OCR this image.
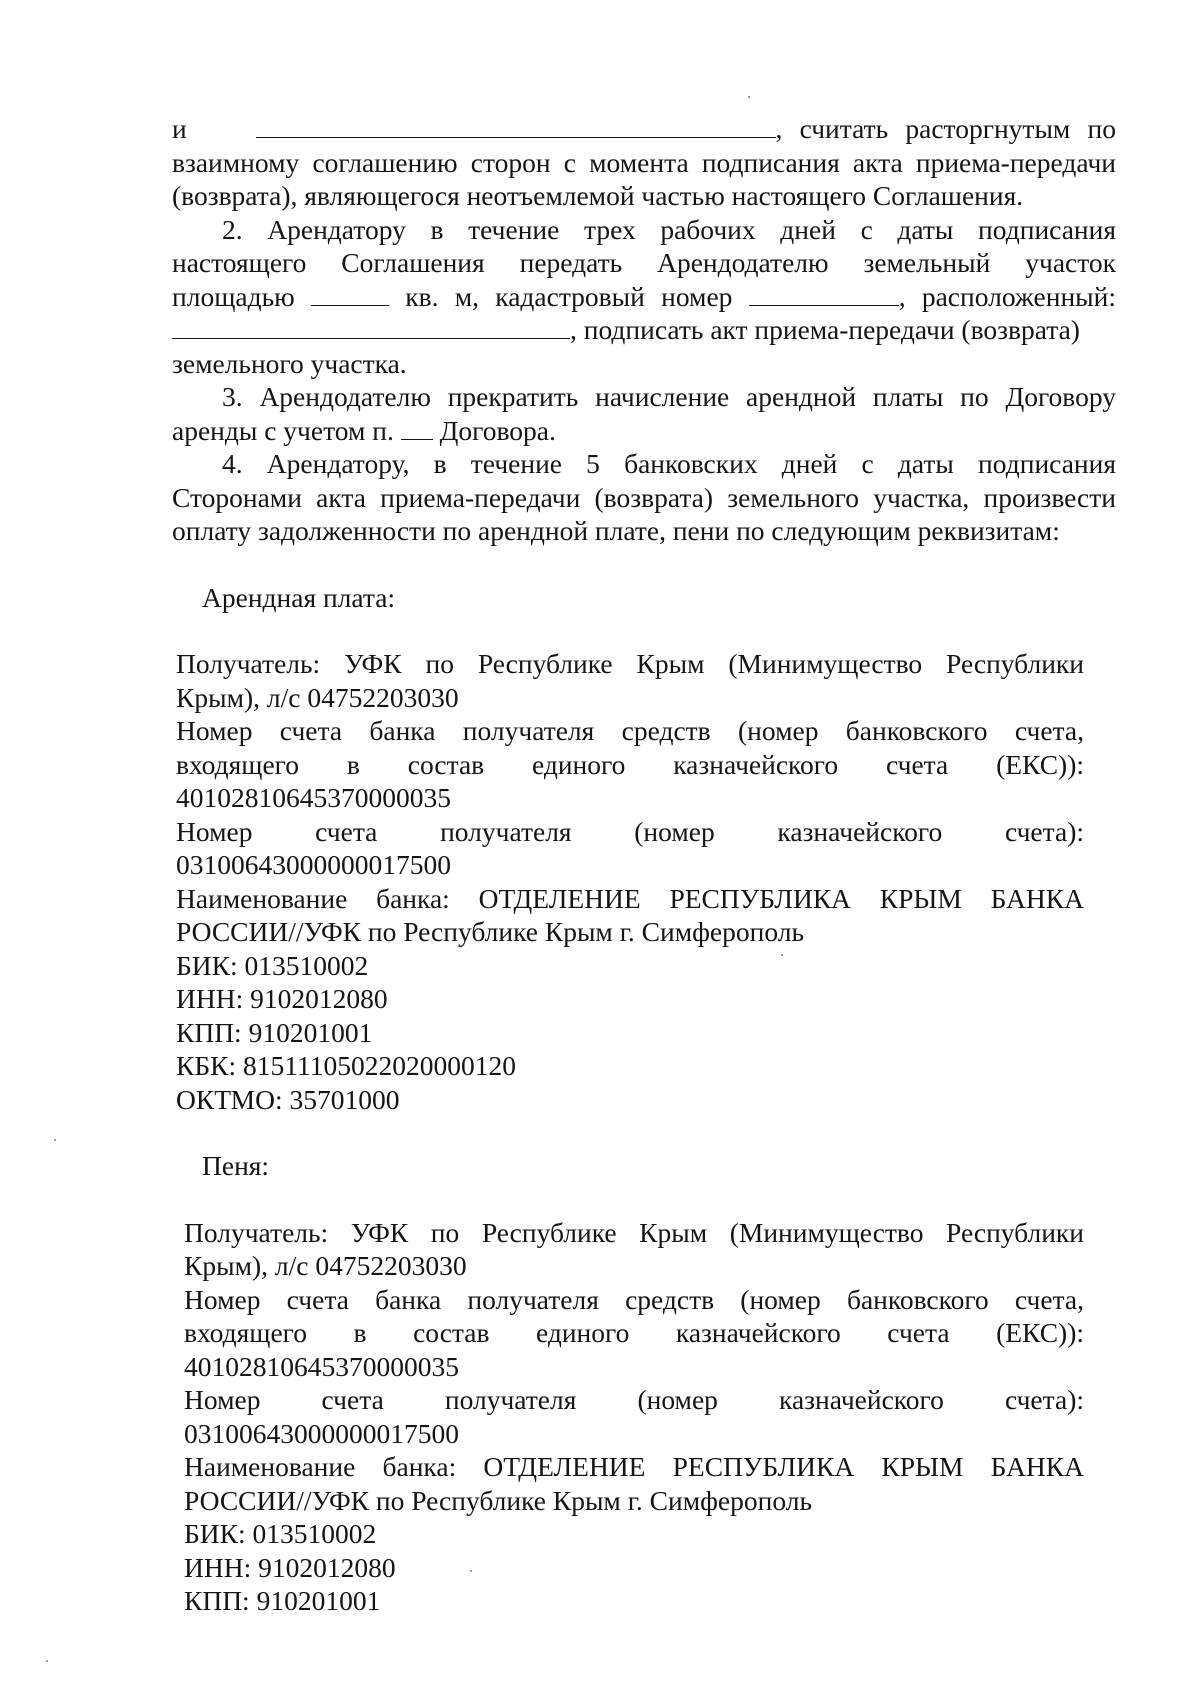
и	, считать расторгнутым по
взаимному соглашению сторон с момента подписания акта приема-передачи
(возврата), являющегося неотъемлемой частью настоящего Соглашения.
2. Арендатору в течение трех рабочих дней с даты подписания
настоящего Соглашения передать Арендодателю земельный участок
площадью	кв. м, кадастровый номер	, расположенный:
, подписать акт приема-передачи (возврата)
земельного участка.
3. Арендодателю прекратить начисление арендной платы по Договору
аренды с учетом п. Договора.
4. Арендатору, в течение 5 банковских дней с даты подписания
Сторонами акта приема-передачи (возврата) земельного участка, произвести
оплату задолженности по арендной плате, пени по следующим реквизитам:
Арендная плата:
Получатель: УФК по Республике Крым (Минимущество Республики
Крым), л/с 04752203030
Номер счета банка получателя средств (номер банковского счета,
входящего в состав единого казначейского счета (ЕКС)):
40102810645370000035
Номер счета получателя (номер казначейского счета):
03100643000000017500
Наименование банка: ОТДЕЛЕНИЕ РЕСПУБЛИКА КРЫМ БАНКА
РОССИИ//УФК по Республике Крым г. Симферополь
БИК: 013510002
ИНН: 9102012080
КПП: 910201001
КБК: 81511105022020000120
ОКТМО: 35701000
Пеня:
Получатель: УФК по Республике Крым (Минимущество Республики
Крым), л/с 04752203030
Номер счета банка получателя средств (номер банковского счета,
входящего в состав единого казначейского счета (ЕКС)):
40102810645370000035
Номер счета получателя (номер казначейского счета):
03100643000000017500
Наименование банка: ОТДЕЛЕНИЕ РЕСПУБЛИКА КРЫМ БАНКА
РОССИИ//УФК по Республике Крым г. Симферополь
БИК: 013510002
ИНН: 9102012080
КПП: 910201001
